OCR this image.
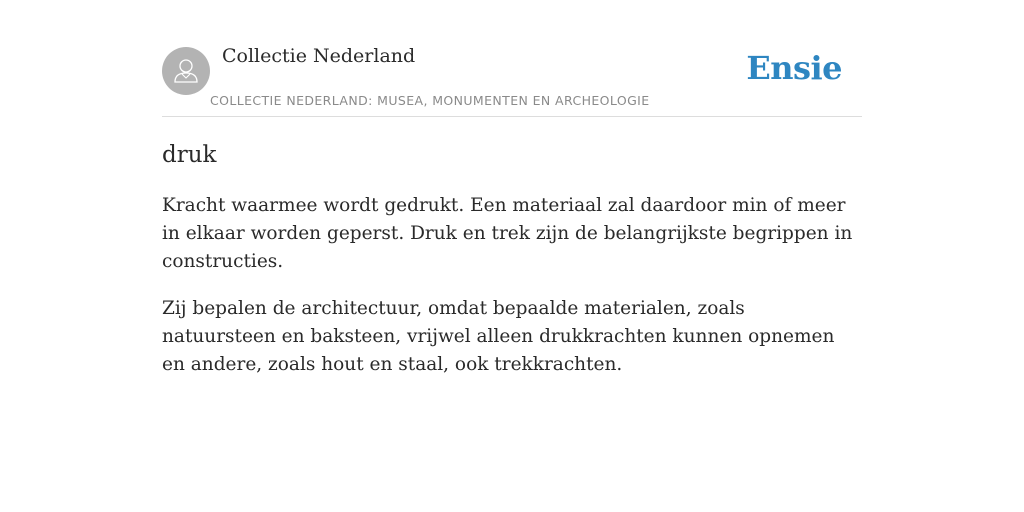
Collectie Nederland
COLLECTIE NEDERLAND: MUSEA, MONUMENTEN EN ARCHEOLOGIE
Ensie
druk

Kracht waarmee wordt gedrukt. Een materiaal zal daardoor min of meer in elkaar worden geperst. Druk en trek zijn de belangrijkste begrippen in constructies.

Zij bepalen de architectuur, omdat bepaalde materialen, zoals natuursteen en baksteen, vrijwel alleen drukkrachten kunnen opnemen en andere, zoals hout en staal, ook trekkrachten.
